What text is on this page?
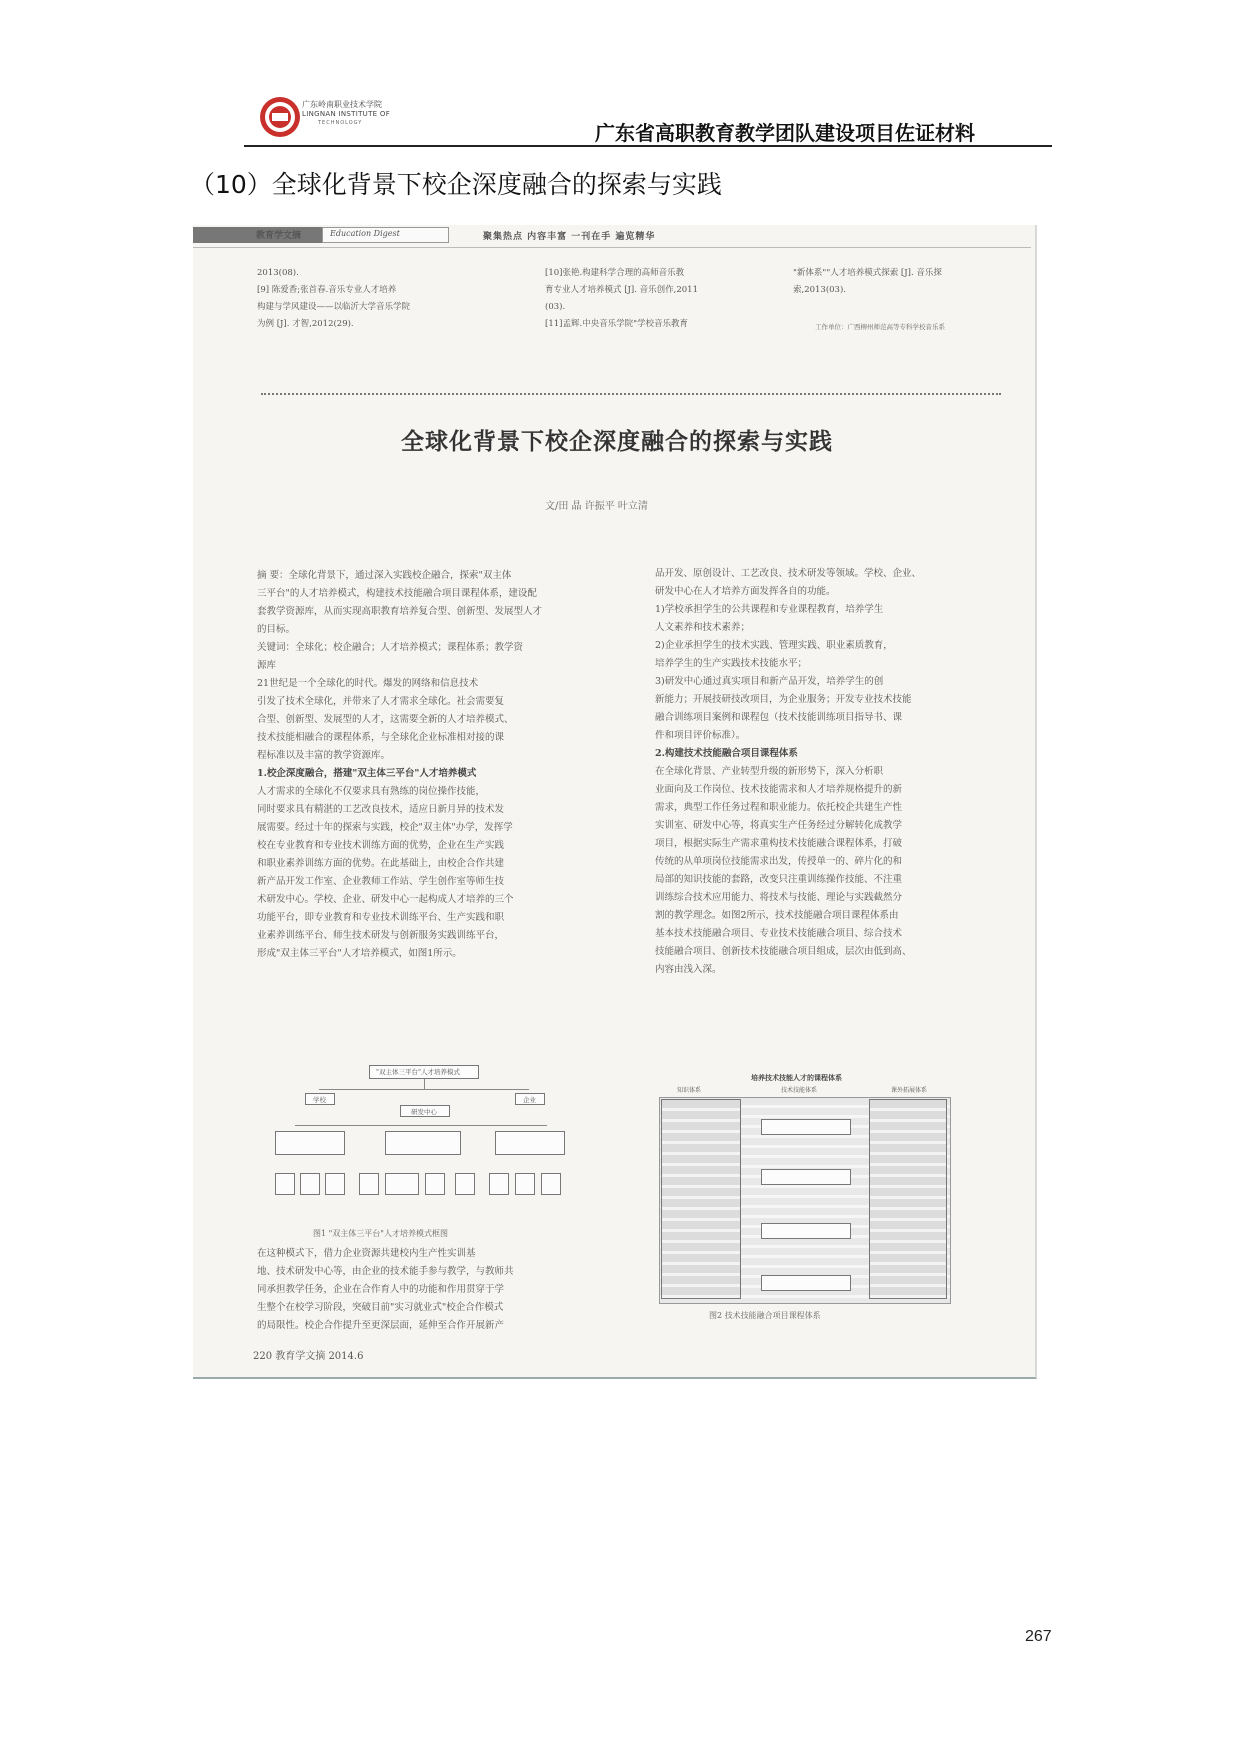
广东岭南职业技术学院
LINGNAN INSTITUTE OF
TECHNOLOGY	广东省高职教育教学团队建设项目佐证材料
（10）全球化背景下校企深度融合的探索与实践
教育学文摘	Education Digest	聚集热点 内容丰富 一刊在手 遍览精华
2013(08).
[9] 陈爱香;张首春.音乐专业人才培养
构建与学风建设——以临沂大学音乐学院
为例 [J]. 才智,2012(29).
[10]张艳.构建科学合理的高师音乐教
育专业人才培养模式 [J]. 音乐创作,2011
(03).
[11]孟辉.中央音乐学院"学校音乐教育
"新体系""人才培养模式探索 [J]. 音乐探
索,2013(03).
工作单位：广西柳州师范高等专科学校音乐系
全球化背景下校企深度融合的探索与实践
文/田 晶 许振平 叶立清
摘 要：全球化背景下，通过深入实践校企融合，探索"双主体
三平台"的人才培养模式，构建技术技能融合项目课程体系，建设配
套教学资源库，从而实现高职教育培养复合型、创新型、发展型人才
的目标。
关键词：全球化；校企融合；人才培养模式；课程体系；教学资
源库
21世纪是一个全球化的时代。爆发的网络和信息技术
引发了技术全球化，并带来了人才需求全球化。社会需要复
合型、创新型、发展型的人才，这需要全新的人才培养模式、
技术技能相融合的课程体系，与全球化企业标准相对接的课
程标准以及丰富的教学资源库。
1.校企深度融合，搭建"双主体三平台"人才培养模式
人才需求的全球化不仅要求具有熟练的岗位操作技能，
同时要求具有精湛的工艺改良技术，适应日新月异的技术发
展需要。经过十年的探索与实践，校企"双主体"办学，发挥学
校在专业教育和专业技术训练方面的优势，企业在生产实践
和职业素养训练方面的优势。在此基础上，由校企合作共建
新产品开发工作室、企业教师工作站、学生创作室等师生技
术研发中心。学校、企业、研发中心一起构成人才培养的三个
功能平台，即专业教育和专业技术训练平台、生产实践和职
业素养训练平台、师生技术研发与创新服务实践训练平台，
形成"双主体三平台"人才培养模式，如图1所示。
"双主体三平台"人才培养模式
学校	企业
研发中心
图1 "双主体三平台"人才培养模式框图
在这种模式下，借力企业资源共建校内生产性实训基
地、技术研发中心等，由企业的技术能手参与教学，与教师共
同承担教学任务，企业在合作育人中的功能和作用贯穿于学
生整个在校学习阶段，突破目前"实习就业式"校企合作模式
的局限性。校企合作提升至更深层面，延伸至合作开展新产
品开发、原创设计、工艺改良、技术研发等领域。学校、企业、
研发中心在人才培养方面发挥各自的功能。
1)学校承担学生的公共课程和专业课程教育，培养学生
人文素养和技术素养；
2)企业承担学生的技术实践、管理实践、职业素质教育，
培养学生的生产实践技术技能水平；
3)研发中心通过真实项目和新产品开发，培养学生的创
新能力；开展技研技改项目，为企业服务；开发专业技术技能
融合训练项目案例和课程包（技术技能训练项目指导书、课
件和项目评价标准）。
2.构建技术技能融合项目课程体系
在全球化背景、产业转型升级的新形势下，深入分析职
业面向及工作岗位、技术技能需求和人才培养规格提升的新
需求，典型工作任务过程和职业能力。依托校企共建生产性
实训室、研发中心等，将真实生产任务经过分解转化成教学
项目，根据实际生产需求重构技术技能融合课程体系，打破
传统的从单项岗位技能需求出发，传授单一的、碎片化的和
局部的知识技能的套路，改变只注重训练操作技能、不注重
训练综合技术应用能力、将技术与技能、理论与实践截然分
割的教学理念。如图2所示，技术技能融合项目课程体系由
基本技术技能融合项目、专业技术技能融合项目、综合技术
技能融合项目、创新技术技能融合项目组成，层次由低到高、
内容由浅入深。
培养技术技能人才的课程体系
知识体系	技术技能体系	课外拓展体系
图2 技术技能融合项目课程体系
220 教育学文摘 2014.6
267
